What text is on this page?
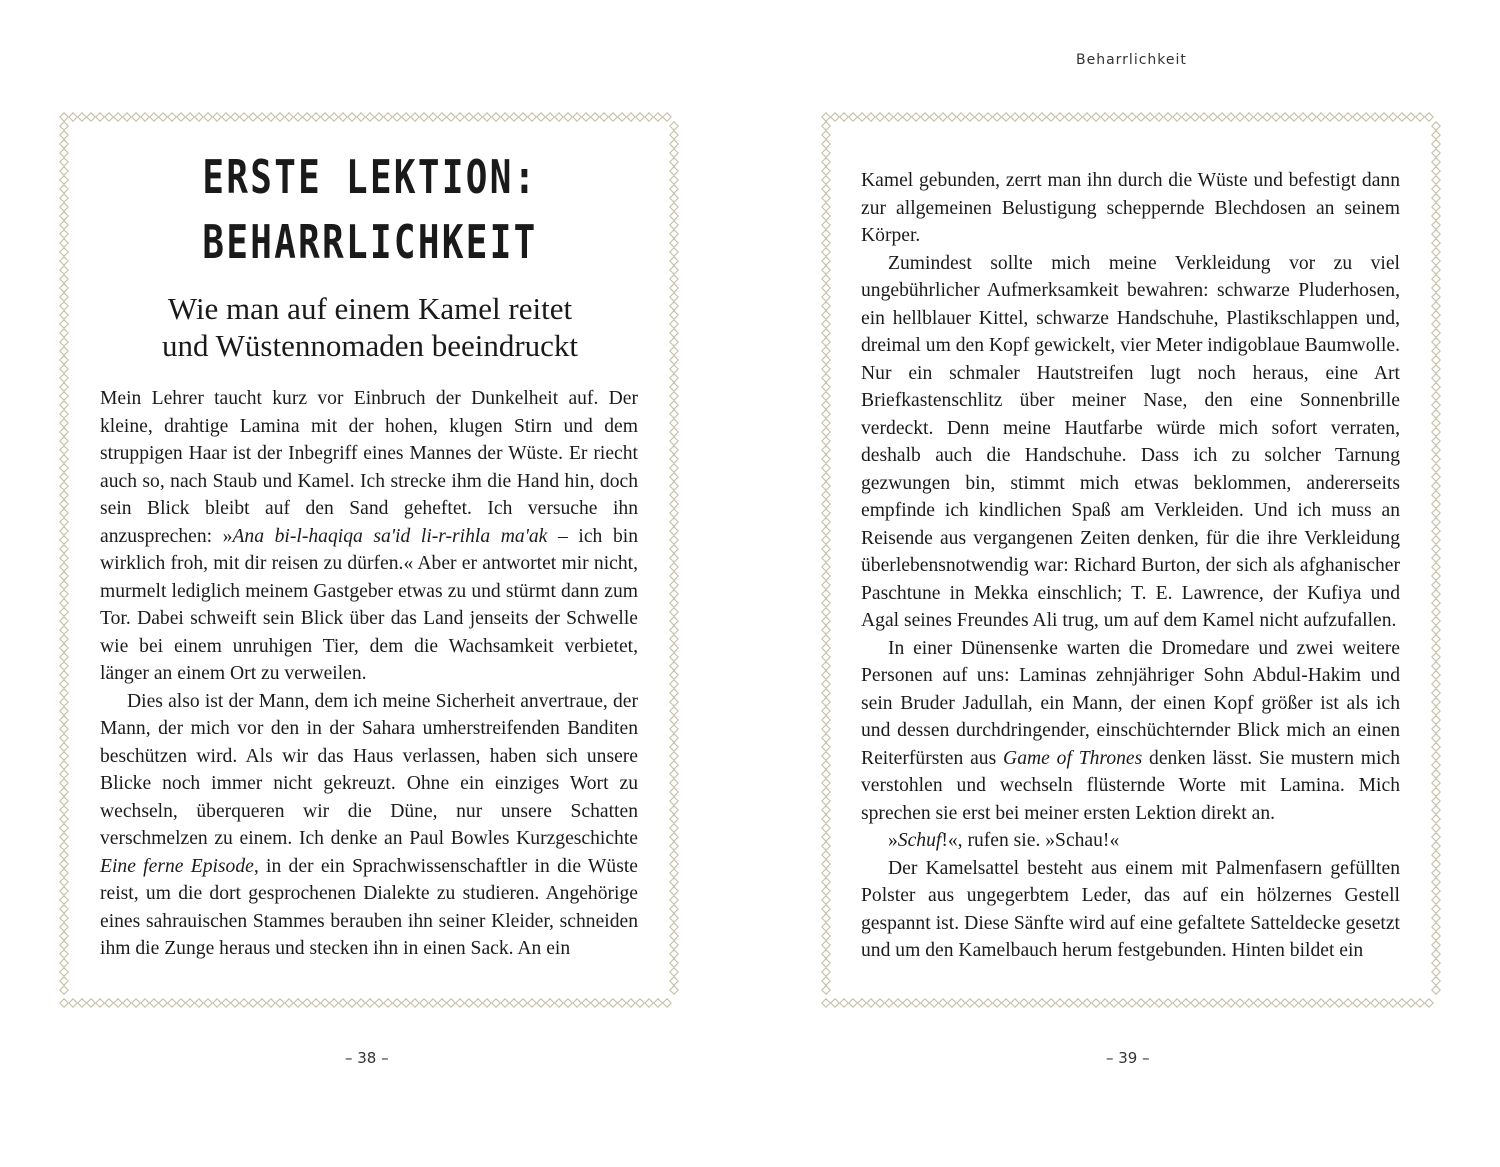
Beharrlichkeit
ERSTE LEKTION:
BEHARRLICHKEIT
Wie man auf einem Kamel reitet
und Wüstennomaden beeindruckt

Mein Lehrer taucht kurz vor Einbruch der Dunkelheit auf. Der kleine, drahtige Lamina mit der hohen, klugen Stirn und dem struppigen Haar ist der Inbegriff eines Mannes der Wüste. Er riecht auch so, nach Staub und Kamel. Ich strecke ihm die Hand hin, doch sein Blick bleibt auf den Sand geheftet. Ich versuche ihn anzusprechen: »Ana bi-l-haqiqa sa'id li-r-rihla ma'ak – ich bin wirklich froh, mit dir reisen zu dürfen.« Aber er antwortet mir nicht, murmelt lediglich meinem Gastgeber etwas zu und stürmt dann zum Tor. Dabei schweift sein Blick über das Land jenseits der Schwelle wie bei einem unruhigen Tier, dem die Wachsamkeit verbietet, länger an einem Ort zu verweilen.

Dies also ist der Mann, dem ich meine Sicherheit anvertraue, der Mann, der mich vor den in der Sahara umherstreifenden Banditen beschützen wird. Als wir das Haus verlassen, haben sich unsere Blicke noch immer nicht gekreuzt. Ohne ein einziges Wort zu wechseln, überqueren wir die Düne, nur unsere Schatten verschmelzen zu einem. Ich denke an Paul Bowles Kurzgeschichte Eine ferne Episode, in der ein Sprachwissenschaftler in die Wüste reist, um die dort gesprochenen Dialekte zu studieren. Angehörige eines sahrauischen Stammes berauben ihn seiner Kleider, schneiden ihm die Zunge heraus und stecken ihn in einen Sack. An ein

Kamel gebunden, zerrt man ihn durch die Wüste und befestigt dann zur allgemeinen Belustigung scheppernde Blechdosen an seinem Körper.

Zumindest sollte mich meine Verkleidung vor zu viel ungebührlicher Aufmerksamkeit bewahren: schwarze Pluderhosen, ein hellblauer Kittel, schwarze Handschuhe, Plastikschlappen und, dreimal um den Kopf gewickelt, vier Meter indigoblaue Baumwolle. Nur ein schmaler Hautstreifen lugt noch heraus, eine Art Briefkastenschlitz über meiner Nase, den eine Sonnenbrille verdeckt. Denn meine Hautfarbe würde mich sofort verraten, deshalb auch die Handschuhe. Dass ich zu solcher Tarnung gezwungen bin, stimmt mich etwas beklommen, andererseits empfinde ich kindlichen Spaß am Verkleiden. Und ich muss an Reisende aus vergangenen Zeiten denken, für die ihre Verkleidung überlebensnotwendig war: Richard Burton, der sich als afghanischer Paschtune in Mekka einschlich; T. E. Lawrence, der Kufiya und Agal seines Freundes Ali trug, um auf dem Kamel nicht aufzufallen.

In einer Dünensenke warten die Dromedare und zwei weitere Personen auf uns: Laminas zehnjähriger Sohn Abdul-Hakim und sein Bruder Jadullah, ein Mann, der einen Kopf größer ist als ich und dessen durchdringender, einschüchternder Blick mich an einen Reiterfürsten aus Game of Thrones denken lässt. Sie mustern mich verstohlen und wechseln flüsternde Worte mit Lamina. Mich sprechen sie erst bei meiner ersten Lektion direkt an.

»Schuf!«, rufen sie. »Schau!«

Der Kamelsattel besteht aus einem mit Palmenfasern gefüllten Polster aus ungegerbtem Leder, das auf ein hölzernes Gestell gespannt ist. Diese Sänfte wird auf eine gefaltete Satteldecke gesetzt und um den Kamelbauch herum festgebunden. Hinten bildet ein

– 38 –	– 39 –
